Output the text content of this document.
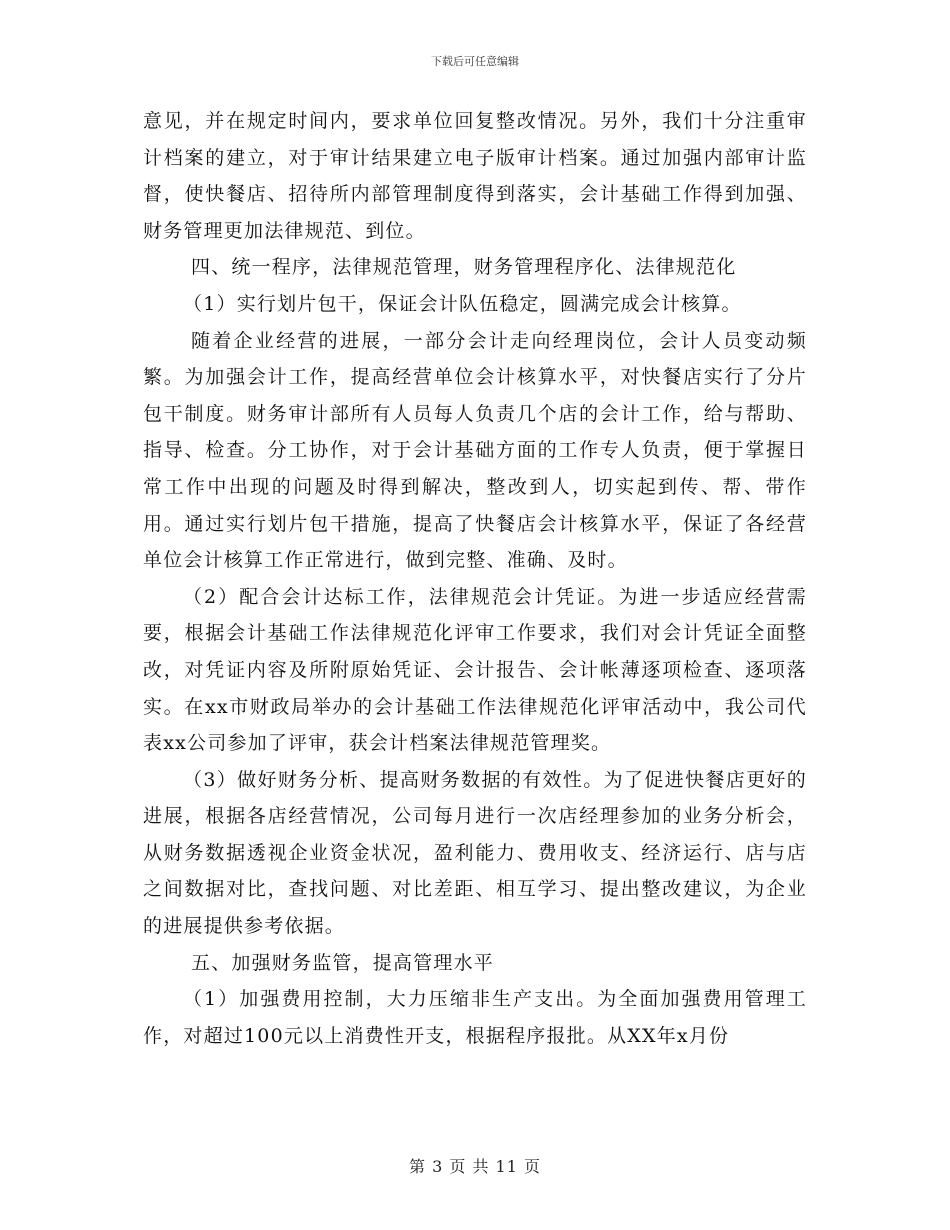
下载后可任意编辑

意见，并在规定时间内，要求单位回复整改情况。另外，我们十分注重审计档案的建立，对于审计结果建立电子版审计档案。通过加强内部审计监督，使快餐店、招待所内部管理制度得到落实，会计基础工作得到加强、财务管理更加法律规范、到位。

四、统一程序，法律规范管理，财务管理程序化、法律规范化

（1）实行划片包干，保证会计队伍稳定，圆满完成会计核算。

随着企业经营的进展，一部分会计走向经理岗位，会计人员变动频繁。为加强会计工作，提高经营单位会计核算水平，对快餐店实行了分片包干制度。财务审计部所有人员每人负责几个店的会计工作，给与帮助、指导、检查。分工协作，对于会计基础方面的工作专人负责，便于掌握日常工作中出现的问题及时得到解决，整改到人，切实起到传、帮、带作用。通过实行划片包干措施，提高了快餐店会计核算水平，保证了各经营单位会计核算工作正常进行，做到完整、准确、及时。

（2）配合会计达标工作，法律规范会计凭证。为进一步适应经营需要，根据会计基础工作法律规范化评审工作要求，我们对会计凭证全面整改，对凭证内容及所附原始凭证、会计报告、会计帐薄逐项检查、逐项落实。在xx市财政局举办的会计基础工作法律规范化评审活动中，我公司代表xx公司参加了评审，获会计档案法律规范管理奖。

（3）做好财务分析、提高财务数据的有效性。为了促进快餐店更好的进展，根据各店经营情况，公司每月进行一次店经理参加的业务分析会，从财务数据透视企业资金状况，盈利能力、费用收支、经济运行、店与店之间数据对比，查找问题、对比差距、相互学习、提出整改建议，为企业的进展提供参考依据。

五、加强财务监管，提高管理水平

（1）加强费用控制，大力压缩非生产支出。为全面加强费用管理工作，对超过100元以上消费性开支，根据程序报批。从XX年x月份

第 3 页 共 11 页
